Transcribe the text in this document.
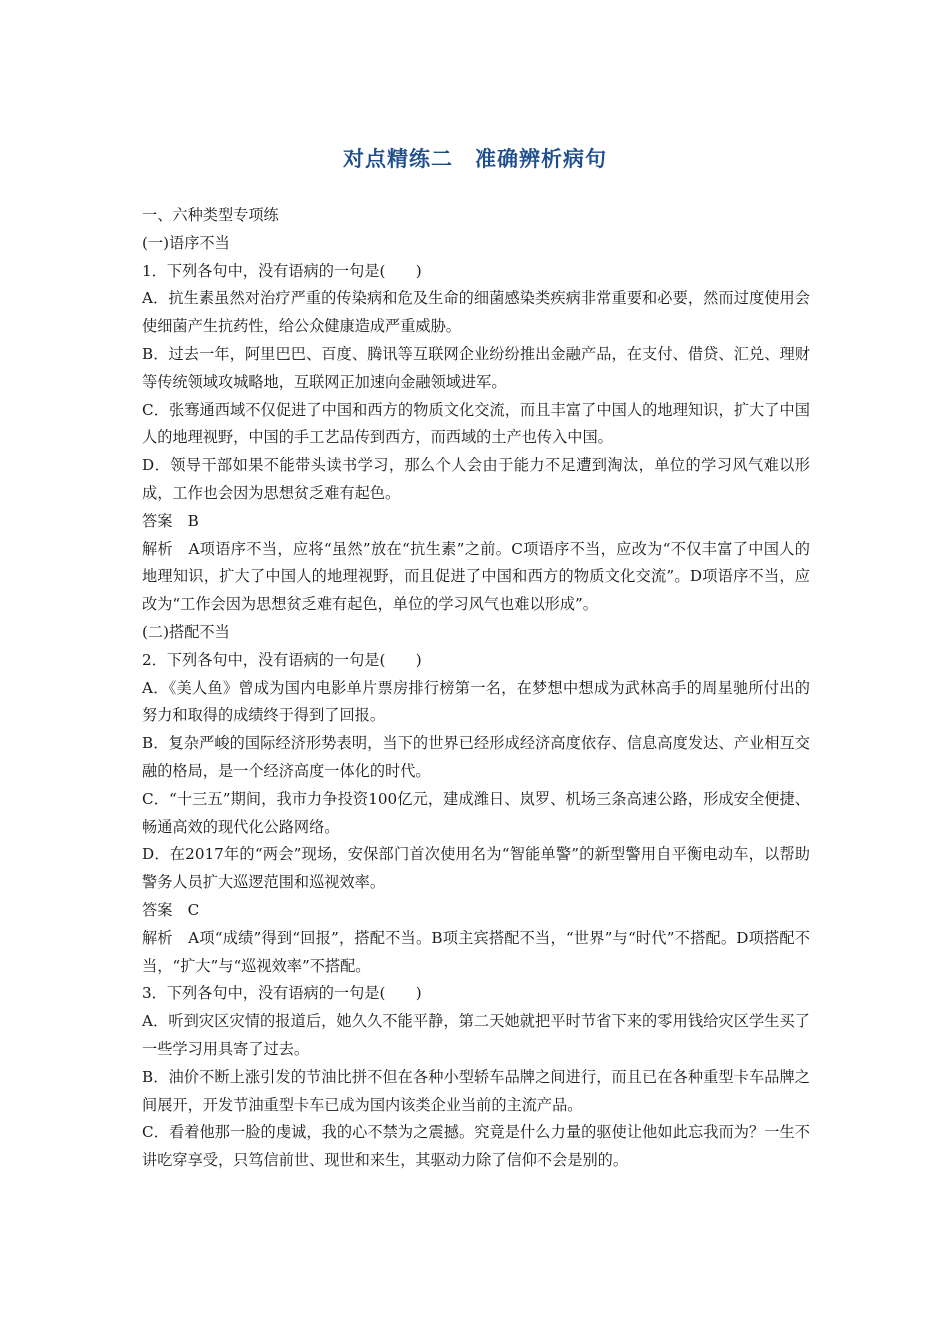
对点精练二　准确辨析病句

一、六种类型专项练

(一)语序不当

1．下列各句中，没有语病的一句是(　　)

A．抗生素虽然对治疗严重的传染病和危及生命的细菌感染类疾病非常重要和必要，然而过度使用会使细菌产生抗药性，给公众健康造成严重威胁。

B．过去一年，阿里巴巴、百度、腾讯等互联网企业纷纷推出金融产品，在支付、借贷、汇兑、理财等传统领域攻城略地，互联网正加速向金融领域进军。

C．张骞通西域不仅促进了中国和西方的物质文化交流，而且丰富了中国人的地理知识，扩大了中国人的地理视野，中国的手工艺品传到西方，而西域的土产也传入中国。

D．领导干部如果不能带头读书学习，那么个人会由于能力不足遭到淘汰，单位的学习风气难以形成，工作也会因为思想贫乏难有起色。

答案　B

解析　A项语序不当，应将“虽然”放在“抗生素”之前。C项语序不当，应改为“不仅丰富了中国人的地理知识，扩大了中国人的地理视野，而且促进了中国和西方的物质文化交流”。D项语序不当，应改为“工作会因为思想贫乏难有起色，单位的学习风气也难以形成”。

(二)搭配不当

2．下列各句中，没有语病的一句是(　　)

A．《美人鱼》曾成为国内电影单片票房排行榜第一名，在梦想中想成为武林高手的周星驰所付出的努力和取得的成绩终于得到了回报。

B．复杂严峻的国际经济形势表明，当下的世界已经形成经济高度依存、信息高度发达、产业相互交融的格局，是一个经济高度一体化的时代。

C．“十三五”期间，我市力争投资100亿元，建成潍日、岚罗、机场三条高速公路，形成安全便捷、畅通高效的现代化公路网络。

D．在2017年的“两会”现场，安保部门首次使用名为“智能单警”的新型警用自平衡电动车，以帮助警务人员扩大巡逻范围和巡视效率。

答案　C

解析　A项“成绩”得到“回报”，搭配不当。B项主宾搭配不当，“世界”与“时代”不搭配。D项搭配不当，“扩大”与“巡视效率”不搭配。

3．下列各句中，没有语病的一句是(　　)

A．听到灾区灾情的报道后，她久久不能平静，第二天她就把平时节省下来的零用钱给灾区学生买了一些学习用具寄了过去。

B．油价不断上涨引发的节油比拼不但在各种小型轿车品牌之间进行，而且已在各种重型卡车品牌之间展开，开发节油重型卡车已成为国内该类企业当前的主流产品。

C．看着他那一脸的虔诚，我的心不禁为之震撼。究竟是什么力量的驱使让他如此忘我而为？一生不讲吃穿享受，只笃信前世、现世和来生，其驱动力除了信仰不会是别的。
